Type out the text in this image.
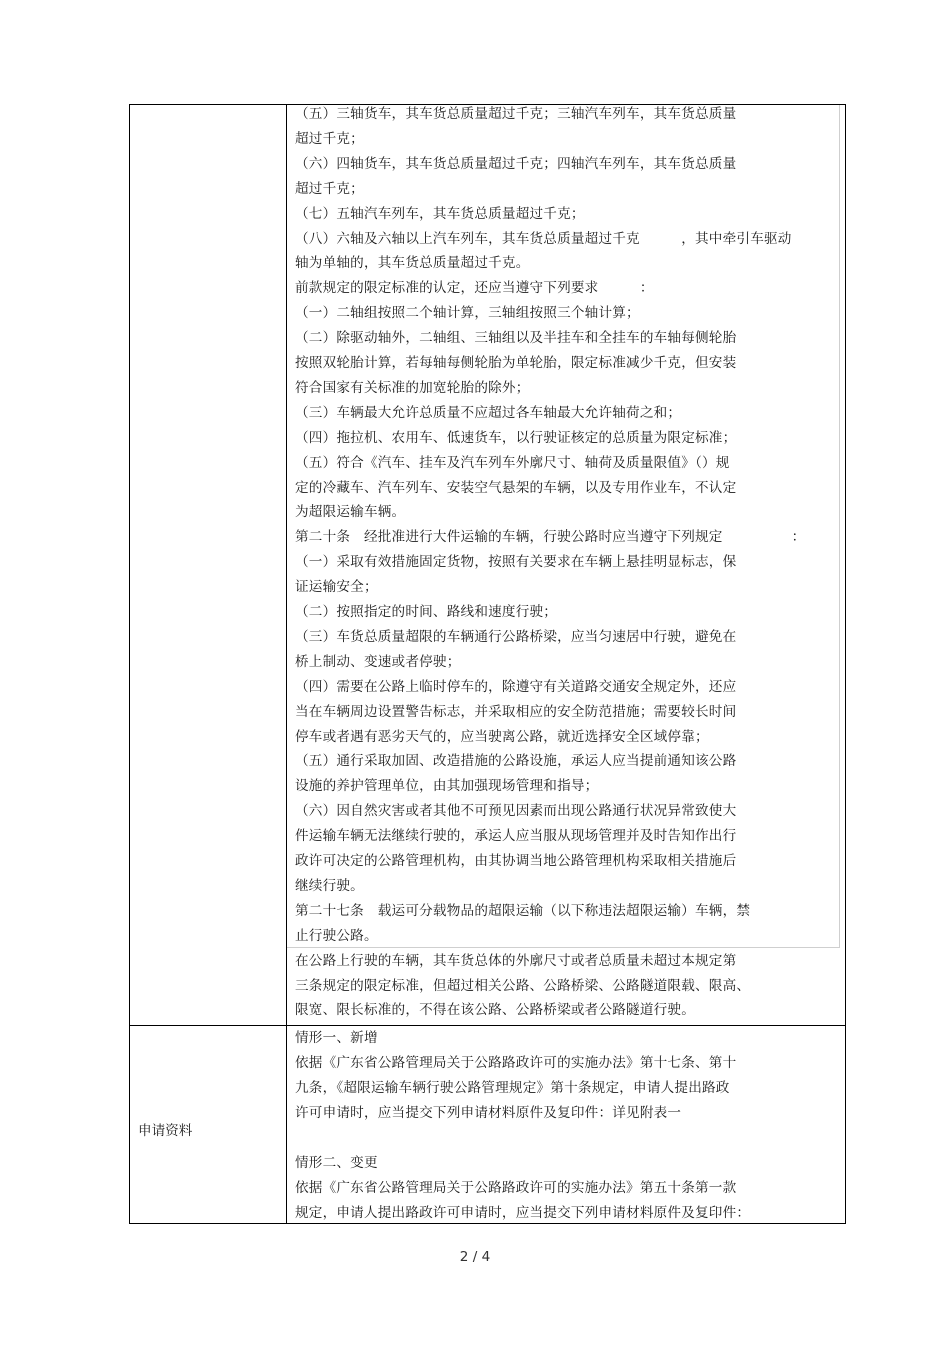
（五）三轴货车，其车货总质量超过千克；三轴汽车列车，其车货总质量
超过千克；
（六）四轴货车，其车货总质量超过千克；四轴汽车列车，其车货总质量
超过千克；
（七）五轴汽车列车，其车货总质量超过千克；
（八）六轴及六轴以上汽车列车，其车货总质量超过千克　　　，其中牵引车驱动
轴为单轴的，其车货总质量超过千克。
前款规定的限定标准的认定，还应当遵守下列要求　　　：
（一）二轴组按照二个轴计算，三轴组按照三个轴计算；
（二）除驱动轴外，二轴组、三轴组以及半挂车和全挂车的车轴每侧轮胎
按照双轮胎计算，若每轴每侧轮胎为单轮胎，限定标准减少千克，但安装
符合国家有关标准的加宽轮胎的除外；
（三）车辆最大允许总质量不应超过各车轴最大允许轴荷之和；
（四）拖拉机、农用车、低速货车，以行驶证核定的总质量为限定标准；
（五）符合《汽车、挂车及汽车列车外廓尺寸、轴荷及质量限值》（）规
定的冷藏车、汽车列车、安装空气悬架的车辆，以及专用作业车，不认定
为超限运输车辆。
第二十条　经批准进行大件运输的车辆，行驶公路时应当遵守下列规定　　　　　：
（一）采取有效措施固定货物，按照有关要求在车辆上悬挂明显标志，保
证运输安全；
（二）按照指定的时间、路线和速度行驶；
（三）车货总质量超限的车辆通行公路桥梁，应当匀速居中行驶，避免在
桥上制动、变速或者停驶；
（四）需要在公路上临时停车的，除遵守有关道路交通安全规定外，还应
当在车辆周边设置警告标志，并采取相应的安全防范措施；需要较长时间
停车或者遇有恶劣天气的，应当驶离公路，就近选择安全区域停靠；
（五）通行采取加固、改造措施的公路设施，承运人应当提前通知该公路
设施的养护管理单位，由其加强现场管理和指导；
（六）因自然灾害或者其他不可预见因素而出现公路通行状况异常致使大
件运输车辆无法继续行驶的，承运人应当服从现场管理并及时告知作出行
政许可决定的公路管理机构，由其协调当地公路管理机构采取相关措施后
继续行驶。
第二十七条　载运可分载物品的超限运输（以下称违法超限运输）车辆，禁
止行驶公路。
在公路上行驶的车辆，其车货总体的外廓尺寸或者总质量未超过本规定第
三条规定的限定标准，但超过相关公路、公路桥梁、公路隧道限载、限高、
限宽、限长标准的，不得在该公路、公路桥梁或者公路隧道行驶。
申请资料
情形一、新增
依据《广东省公路管理局关于公路路政许可的实施办法》第十七条、第十
九条，《超限运输车辆行驶公路管理规定》第十条规定，申请人提出路政
许可申请时，应当提交下列申请材料原件及复印件：详见附表一
情形二、变更
依据《广东省公路管理局关于公路路政许可的实施办法》第五十条第一款
规定，申请人提出路政许可申请时，应当提交下列申请材料原件及复印件：
2 / 4
